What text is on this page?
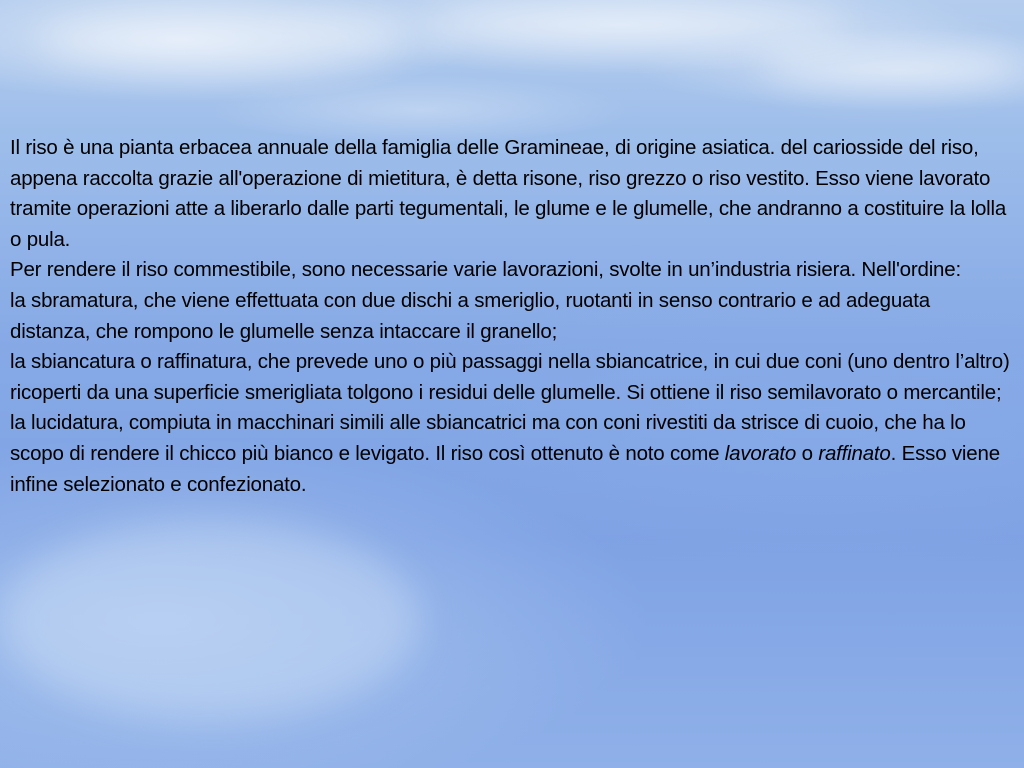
Il riso è una pianta erbacea annuale della famiglia delle Gramineae, di origine asiatica. del cariosside del riso, appena raccolta grazie all'operazione di mietitura, è detta risone, riso grezzo o riso vestito. Esso viene lavorato tramite operazioni atte a liberarlo dalle parti tegumentali, le glume e le glumelle, che andranno a costituire la lolla o pula.

Per rendere il riso commestibile, sono necessarie varie lavorazioni, svolte in un’industria risiera. Nell'ordine:

la sbramatura, che viene effettuata con due dischi a smeriglio, ruotanti in senso contrario e ad adeguata distanza, che rompono le glumelle senza intaccare il granello;

la sbiancatura o raffinatura, che prevede uno o più passaggi nella sbiancatrice, in cui due coni (uno dentro l’altro) ricoperti da una superficie smerigliata tolgono i residui delle glumelle. Si ottiene il riso semilavorato o mercantile;

la lucidatura, compiuta in macchinari simili alle sbiancatrici ma con coni rivestiti da strisce di cuoio, che ha lo scopo di rendere il chicco più bianco e levigato. Il riso così ottenuto è noto come lavorato o raffinato. Esso viene infine selezionato e confezionato.
